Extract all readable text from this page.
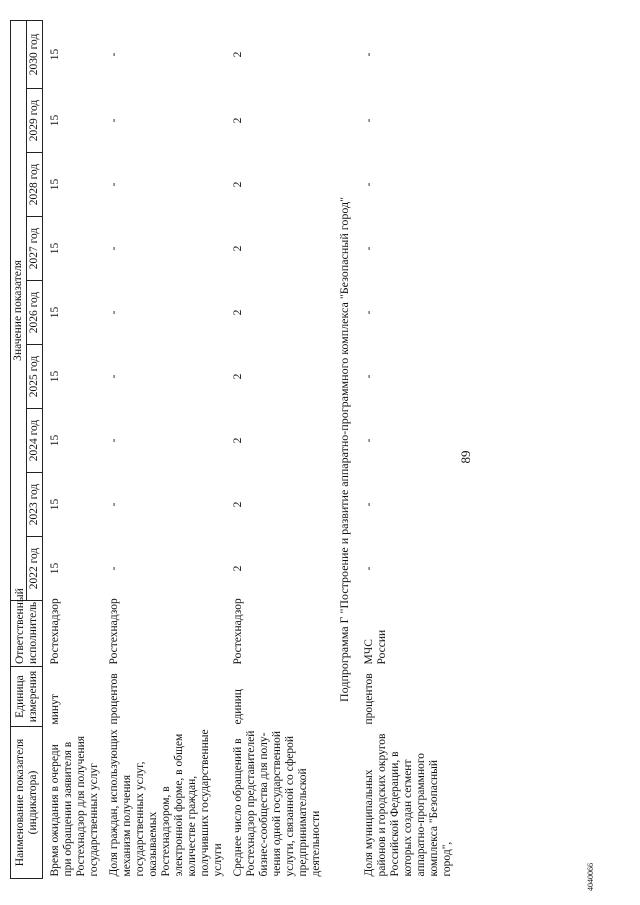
89
Наименование показателя (индикатора)	Единица измерения	Ответственный исполнитель	Значение показателя								
			2022 год	2023 год	2024 год	2025 год	2026 год	2027 год	2028 год	2029 год	2030 год
Время ожидания в очереди при обращении заявителя в Ростехнадзор для получения государственных услуг	минут	Ростехнадзор	15	15	15	15	15	15	15	15	15
Доля граждан, использующих механизм получения государственных услуг, оказываемых Ростехнадзором, в электронной форме, в общем количестве граждан, получивших государственные услуги	процентов	Ростехнадзор	-	-	-	-	-	-	-	-	-
Среднее число обращений в Ростехнадзор представителей бизнес-сообщества для полу-чения одной государственной услуги, связанной со сферой предпринимательской деятельности	единиц	Ростехнадзор	2	2	2	2	2	2	2	2	2
Подпрограмма Г "Построение и развитие аппаратно-программного комплекса "Безопасный город"											
Доля муниципальных районов и городских округов Российской Федерации, в которых создан сегмент аппаратно-программного комплекса "Безопасный город",	процентов	МЧС России	-	-	-	-	-	-	-	-	-
4040066
